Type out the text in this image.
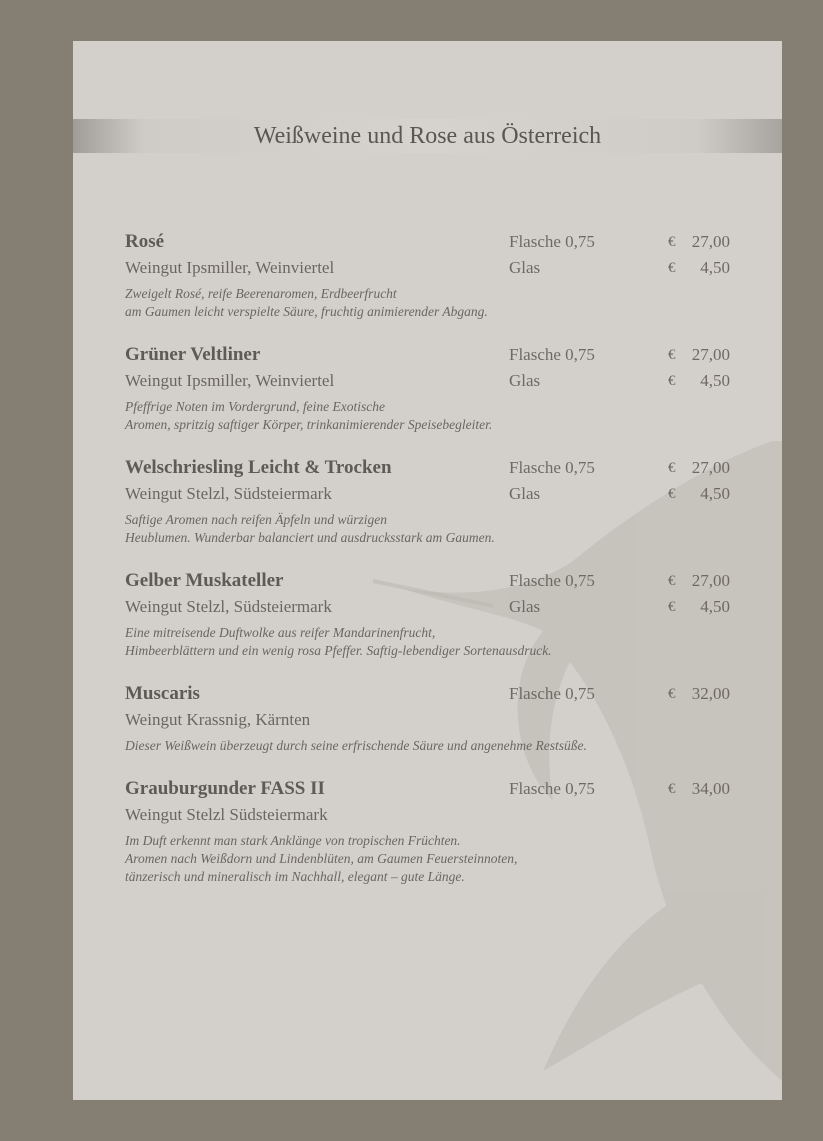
Weißweine und Rose aus Österreich
Rosé	Flasche 0,75	€ 27,00
Weingut Ipsmiller, Weinviertel	Glas	€ 4,50
Zweigelt Rosé, reife Beerenaromen, Erdbeerfrucht
am Gaumen leicht verspielte Säure, fruchtig animierender Abgang.
Grüner Veltliner	Flasche 0,75	€ 27,00
Weingut Ipsmiller, Weinviertel	Glas	€ 4,50
Pfeffrige Noten im Vordergrund, feine Exotische
Aromen, spritzig saftiger Körper, trinkanimierender Speisebegleiter.
Welschriesling Leicht & Trocken	Flasche 0,75	€ 27,00
Weingut Stelzl, Südsteiermark	Glas	€ 4,50
Saftige Aromen nach reifen Äpfeln und würzigen
Heublumen. Wunderbar balanciert und ausdrucksstark am Gaumen.
Gelber Muskateller	Flasche 0,75	€ 27,00
Weingut Stelzl, Südsteiermark	Glas	€ 4,50
Eine mitreisende Duftwolke aus reifer Mandarinenfrucht,
Himbeerblättern und ein wenig rosa Pfeffer. Saftig-lebendiger Sortenausdruck.
Muscaris	Flasche 0,75	€ 32,00
Weingut Krassnig, Kärnten
Dieser Weißwein überzeugt durch seine erfrischende Säure und angenehme Restsüße.
Grauburgunder FASS II	Flasche 0,75	€ 34,00
Weingut Stelzl Südsteiermark
Im Duft erkennt man stark Anklänge von tropischen Früchten.
Aromen nach Weißdorn und Lindenblüten, am Gaumen Feuersteinnoten,
tänzerisch und mineralisch im Nachhall, elegant – gute Länge.
